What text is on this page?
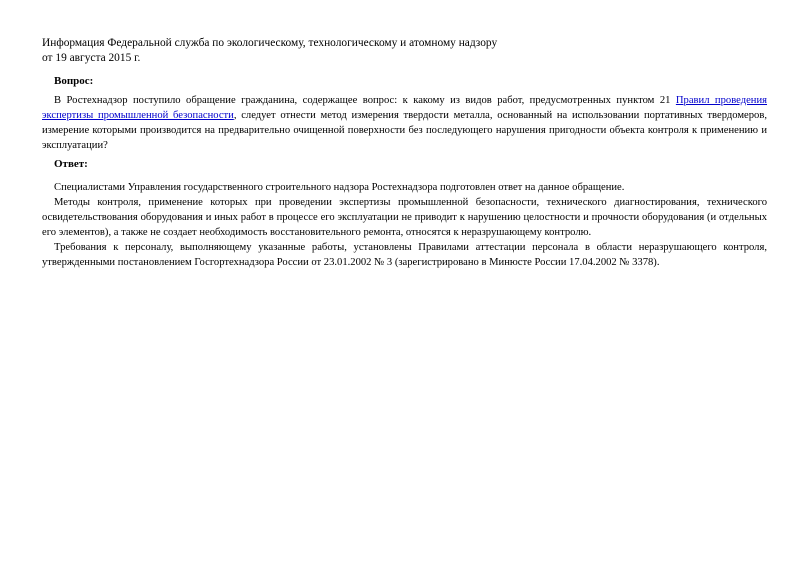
Информация Федеральной служба по экологическому, технологическому и атомному надзору
от 19 августа 2015 г.
Вопрос:

В Ростехнадзор поступило обращение гражданина, содержащее вопрос: к какому из видов работ, предусмотренных пунктом 21 Правил проведения экспертизы промышленной безопасности, следует отнести метод измерения твердости металла, основанный на использовании портативных твердомеров, измерение которыми производится на предварительно очищенной поверхности без последующего нарушения пригодности объекта контроля к применению и эксплуатации?

Ответ:

Специалистами Управления государственного строительного надзора Ростехнадзора подготовлен ответ на данное обращение.

Методы контроля, применение которых при проведении экспертизы промышленной безопасности, технического диагностирования, технического освидетельствования оборудования и иных работ в процессе его эксплуатации не приводит к нарушению целостности и прочности оборудования (и отдельных его элементов), а также не создает необходимость восстановительного ремонта, относятся к неразрушающему контролю.

Требования к персоналу, выполняющему указанные работы, установлены Правилами аттестации персонала в области неразрушающего контроля, утвержденными постановлением Госгортехнадзора России от 23.01.2002 № 3 (зарегистрировано в Минюсте России 17.04.2002 № 3378).
